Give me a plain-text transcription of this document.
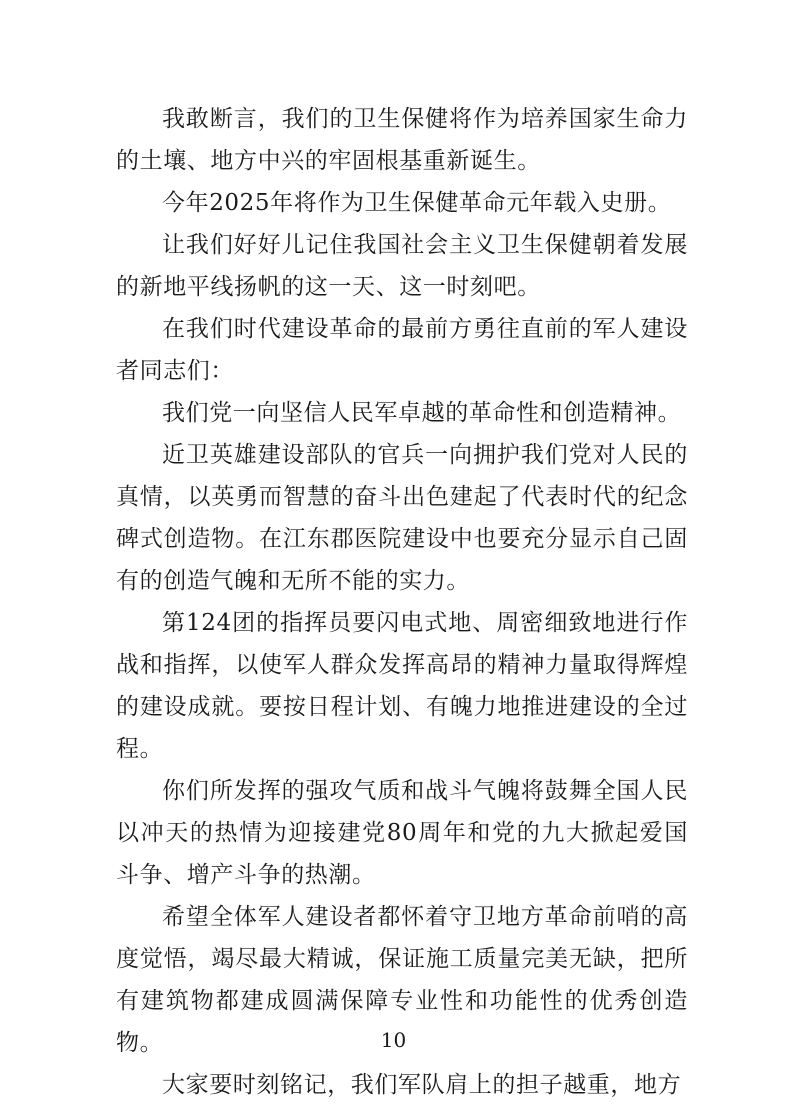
我敢断言，我们的卫生保健将作为培养国家生命力的土壤、地方中兴的牢固根基重新诞生。

今年2025年将作为卫生保健革命元年载入史册。

让我们好好儿记住我国社会主义卫生保健朝着发展的新地平线扬帆的这一天、这一时刻吧。

在我们时代建设革命的最前方勇往直前的军人建设者同志们：

我们党一向坚信人民军卓越的革命性和创造精神。

近卫英雄建设部队的官兵一向拥护我们党对人民的真情，以英勇而智慧的奋斗出色建起了代表时代的纪念碑式创造物。在江东郡医院建设中也要充分显示自己固有的创造气魄和无所不能的实力。

第124团的指挥员要闪电式地、周密细致地进行作战和指挥，以使军人群众发挥高昂的精神力量取得辉煌的建设成就。要按日程计划、有魄力地推进建设的全过程。

你们所发挥的强攻气质和战斗气魄将鼓舞全国人民以冲天的热情为迎接建党80周年和党的九大掀起爱国斗争、增产斗争的热潮。

希望全体军人建设者都怀着守卫地方革命前哨的高度觉悟，竭尽最大精诚，保证施工质量完美无缺，把所有建筑物都建成圆满保障专业性和功能性的优秀创造物。

大家要时刻铭记，我们军队肩上的担子越重，地方

10
